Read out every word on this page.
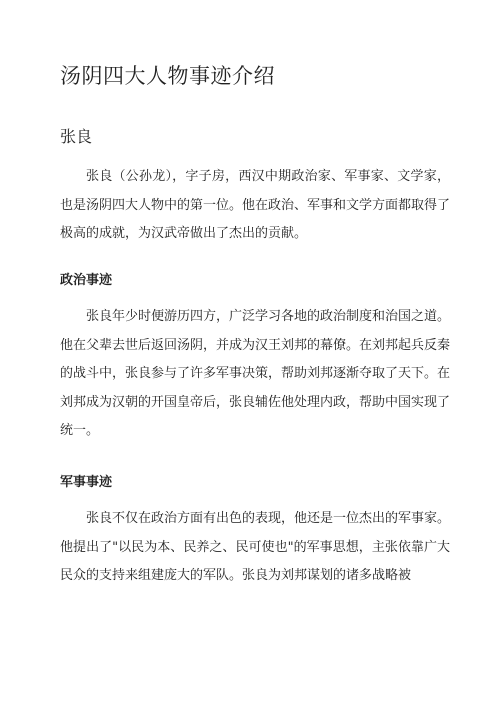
汤阴四大人物事迹介绍
张良

张良（公孙龙），字子房，西汉中期政治家、军事家、文学家，也是汤阴四大人物中的第一位。他在政治、军事和文学方面都取得了极高的成就，为汉武帝做出了杰出的贡献。

政治事迹

张良年少时便游历四方，广泛学习各地的政治制度和治国之道。他在父辈去世后返回汤阴，并成为汉王刘邦的幕僚。在刘邦起兵反秦的战斗中，张良参与了许多军事决策，帮助刘邦逐渐夺取了天下。在刘邦成为汉朝的开国皇帝后，张良辅佐他处理内政，帮助中国实现了统一。

军事事迹

张良不仅在政治方面有出色的表现，他还是一位杰出的军事家。他提出了"以民为本、民养之、民可使也"的军事思想，主张依靠广大民众的支持来组建庞大的军队。张良为刘邦谋划的诸多战略被
